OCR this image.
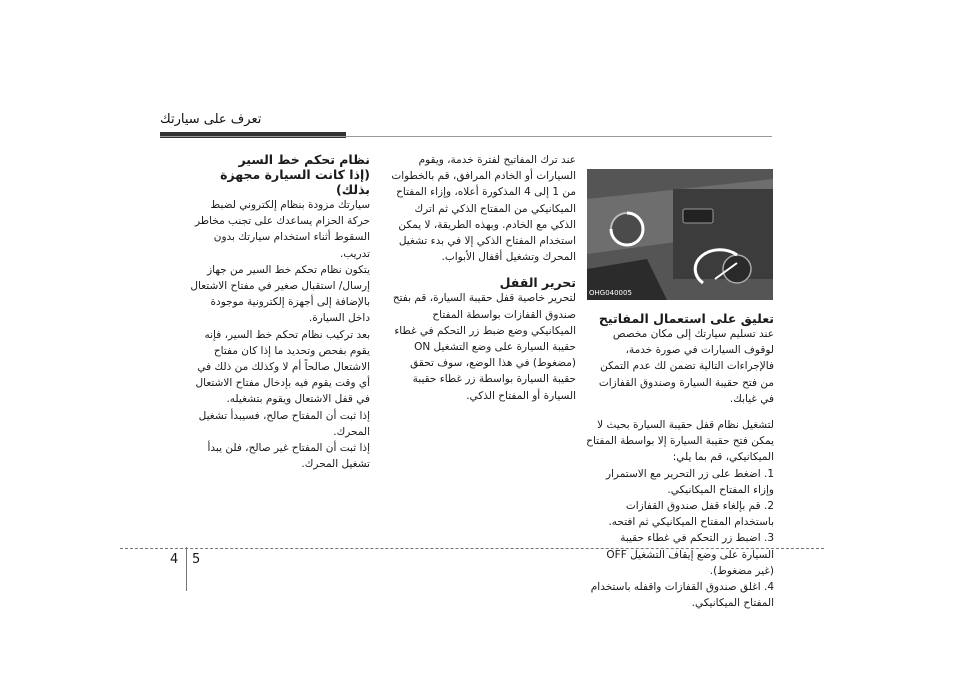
تعرف على سيارتك

نظام تحكم خط السير

(إذا كانت السيارة مجهزة بذلك)

سيارتك مزودة بنظام إلكتروني لضبط حركة الحزام يساعدك على تجنب مخاطر السقوط أثناء استخدام سيارتك بدون تدريب.

يتكون نظام تحكم خط السير من جهاز إرسال/ استقبال صغير في مفتاح الاشتعال بالإضافة إلى أجهزة إلكترونية موجودة داخل السيارة.

بعد تركيب نظام تحكم خط السير، فإنه يقوم بفحص وتحديد ما إذا كان مفتاح الاشتعال صالحاً أم لا وكذلك من ذلك في أي وقت يقوم فيه بإدخال مفتاح الاشتعال في قفل الاشتعال ويقوم بتشغيله.

إذا ثبت أن المفتاح صالح، فسيبدأ تشغيل المحرك.

إذا ثبت أن المفتاح غير صالح، فلن يبدأ تشغيل المحرك.

عند ترك المفاتيح لفترة خدمة، ويقوم السيارات أو الخادم المرافق، قم بالخطوات من 1 إلى 4 المذكورة أعلاه، وإزاء المفتاح الميكانيكي من المفتاح الذكي ثم اترك الذكي مع الخادم. وبهذه الطريقة، لا يمكن استخدام المفتاح الذكي إلا في بدء تشغيل المحرك وتشغيل أقفال الأبواب.

تحرير القفل

لتحرير خاصية قفل حقيبة السيارة، قم بفتح صندوق القفازات بواسطة المفتاح الميكانيكي وضع ضبط زر التحكم في غطاء حقيبة السيارة على وضع التشغيل ON (مضغوط) في هذا الوضع، سوف تحقق حقيبة السيارة بواسطة زر غطاء حقيبة السيارة أو المفتاح الذكي.

OHG040005

تعليق على استعمال المفاتيح

عند تسليم سيارتك إلى مكان مخصص لوقوف السيارات في صورة خدمة، فالإجراءات التالية تضمن لك عدم التمكن من فتح حقيبة السيارة وصندوق القفازات في غيابك.

لتشغيل نظام قفل حقيبة السيارة بحيث لا يمكن فتح حقيبة السيارة إلا بواسطة المفتاح الميكانيكي، قم بما يلي:

1. اضغط على زر التحرير مع الاستمرار وإزاء المفتاح الميكانيكي.

2. قم بإلغاء قفل صندوق القفازات باستخدام المفتاح الميكانيكي ثم افتحه.

3. اضبط زر التحكم في غطاء حقيبة السيارة على وضع إيقاف التشغيل OFF (غير مضغوط).

4. اغلق صندوق القفازات واقفله باستخدام المفتاح الميكانيكي.

4 5
